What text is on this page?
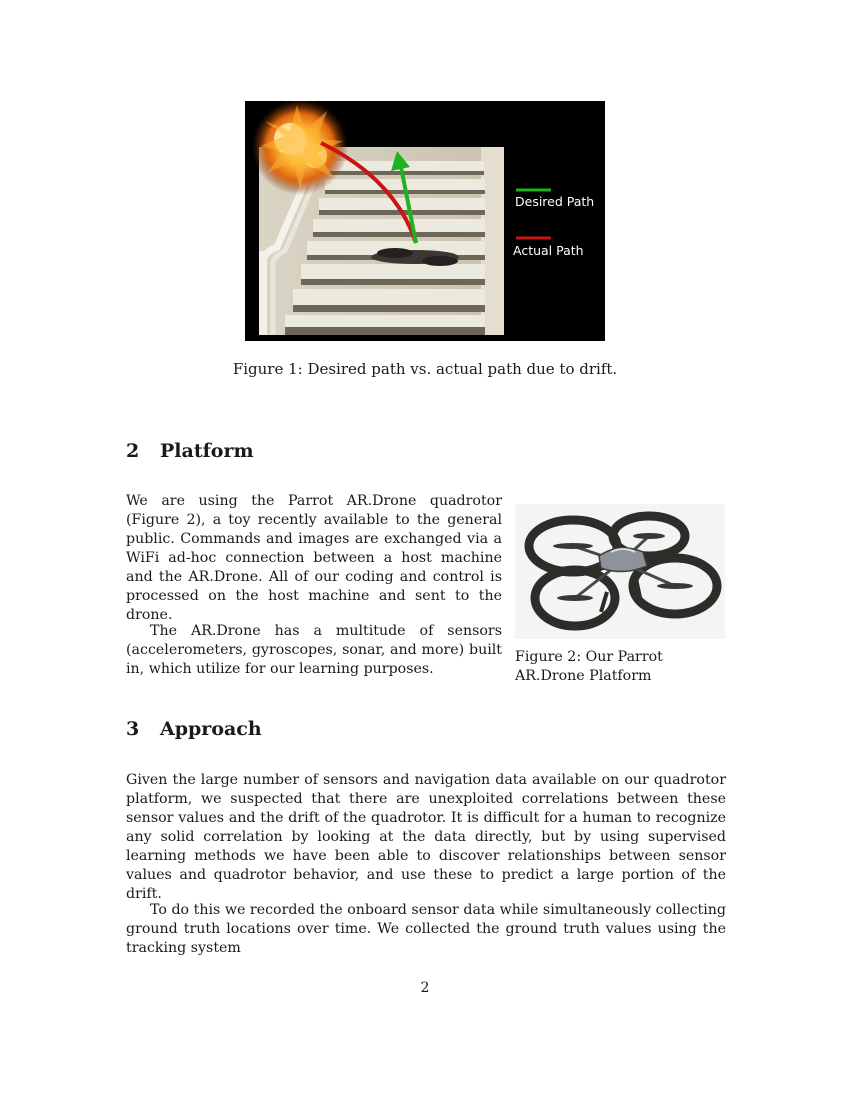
Desired Path
Actual Path
Figure 1: Desired path vs. actual path due to drift.
2 Platform

We are using the Parrot AR.Drone quadrotor (Figure 2), a toy recently available to the general public. Commands and images are exchanged via a WiFi ad-hoc connection between a host machine and the AR.Drone. All of our coding and control is processed on the host machine and sent to the drone.

The AR.Drone has a multitude of sensors (accelerometers, gyroscopes, sonar, and more) built in, which utilize for our learning purposes.

Figure 2: Our Parrot AR.Drone Platform
3 Approach

Given the large number of sensors and navigation data available on our quadrotor platform, we suspected that there are unexploited correlations between these sensor values and the drift of the quadrotor. It is difficult for a human to recognize any solid correlation by looking at the data directly, but by using supervised learning methods we have been able to discover relationships between sensor values and quadrotor behavior, and use these to predict a large portion of the drift.

To do this we recorded the onboard sensor data while simultaneously collecting ground truth locations over time. We collected the ground truth values using the tracking system

2
